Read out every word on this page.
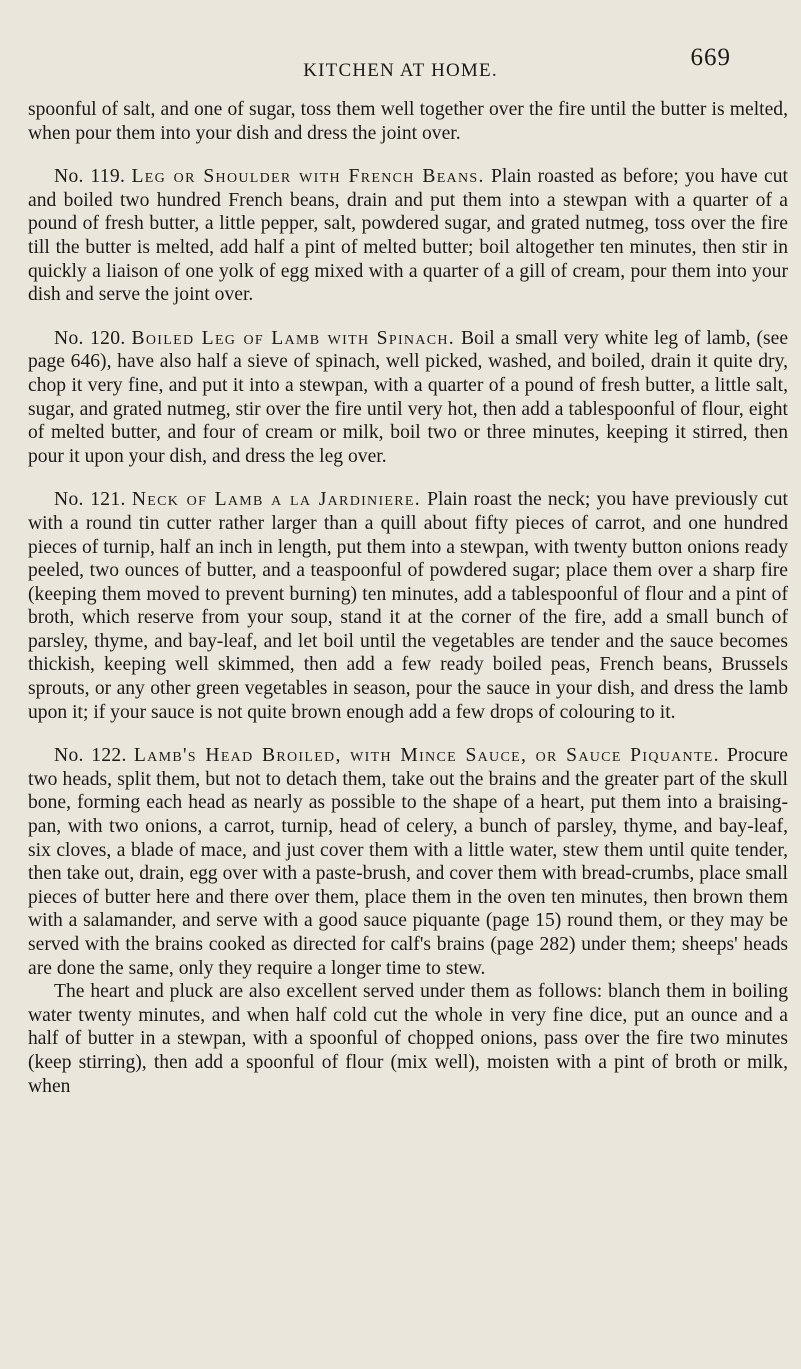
KITCHEN AT HOME.	669

spoonful of salt, and one of sugar, toss them well together over the fire until the butter is melted, when pour them into your dish and dress the joint over.

No. 119. Leg or Shoulder with French Beans. Plain roasted as before; you have cut and boiled two hundred French beans, drain and put them into a stewpan with a quarter of a pound of fresh butter, a little pepper, salt, powdered sugar, and grated nutmeg, toss over the fire till the butter is melted, add half a pint of melted butter; boil altogether ten minutes, then stir in quickly a liaison of one yolk of egg mixed with a quarter of a gill of cream, pour them into your dish and serve the joint over.

No. 120. Boiled Leg of Lamb with Spinach. Boil a small very white leg of lamb, (see page 646), have also half a sieve of spinach, well picked, washed, and boiled, drain it quite dry, chop it very fine, and put it into a stewpan, with a quarter of a pound of fresh butter, a little salt, sugar, and grated nutmeg, stir over the fire until very hot, then add a tablespoonful of flour, eight of melted butter, and four of cream or milk, boil two or three minutes, keeping it stirred, then pour it upon your dish, and dress the leg over.

No. 121. Neck of Lamb a la Jardiniere. Plain roast the neck; you have previously cut with a round tin cutter rather larger than a quill about fifty pieces of carrot, and one hundred pieces of turnip, half an inch in length, put them into a stewpan, with twenty button onions ready peeled, two ounces of butter, and a teaspoonful of powdered sugar; place them over a sharp fire (keeping them moved to prevent burning) ten minutes, add a tablespoonful of flour and a pint of broth, which reserve from your soup, stand it at the corner of the fire, add a small bunch of parsley, thyme, and bay-leaf, and let boil until the vegetables are tender and the sauce becomes thickish, keeping well skimmed, then add a few ready boiled peas, French beans, Brussels sprouts, or any other green vegetables in season, pour the sauce in your dish, and dress the lamb upon it; if your sauce is not quite brown enough add a few drops of colouring to it.

No. 122. Lamb's Head Broiled, with Mince Sauce, or Sauce Piquante. Procure two heads, split them, but not to detach them, take out the brains and the greater part of the skull bone, forming each head as nearly as possible to the shape of a heart, put them into a braising-pan, with two onions, a carrot, turnip, head of celery, a bunch of parsley, thyme, and bay-leaf, six cloves, a blade of mace, and just cover them with a little water, stew them until quite tender, then take out, drain, egg over with a paste-brush, and cover them with bread-crumbs, place small pieces of butter here and there over them, place them in the oven ten minutes, then brown them with a salamander, and serve with a good sauce piquante (page 15) round them, or they may be served with the brains cooked as directed for calf's brains (page 282) under them; sheeps' heads are done the same, only they require a longer time to stew.

The heart and pluck are also excellent served under them as follows: blanch them in boiling water twenty minutes, and when half cold cut the whole in very fine dice, put an ounce and a half of butter in a stewpan, with a spoonful of chopped onions, pass over the fire two minutes (keep stirring), then add a spoonful of flour (mix well), moisten with a pint of broth or milk, when
